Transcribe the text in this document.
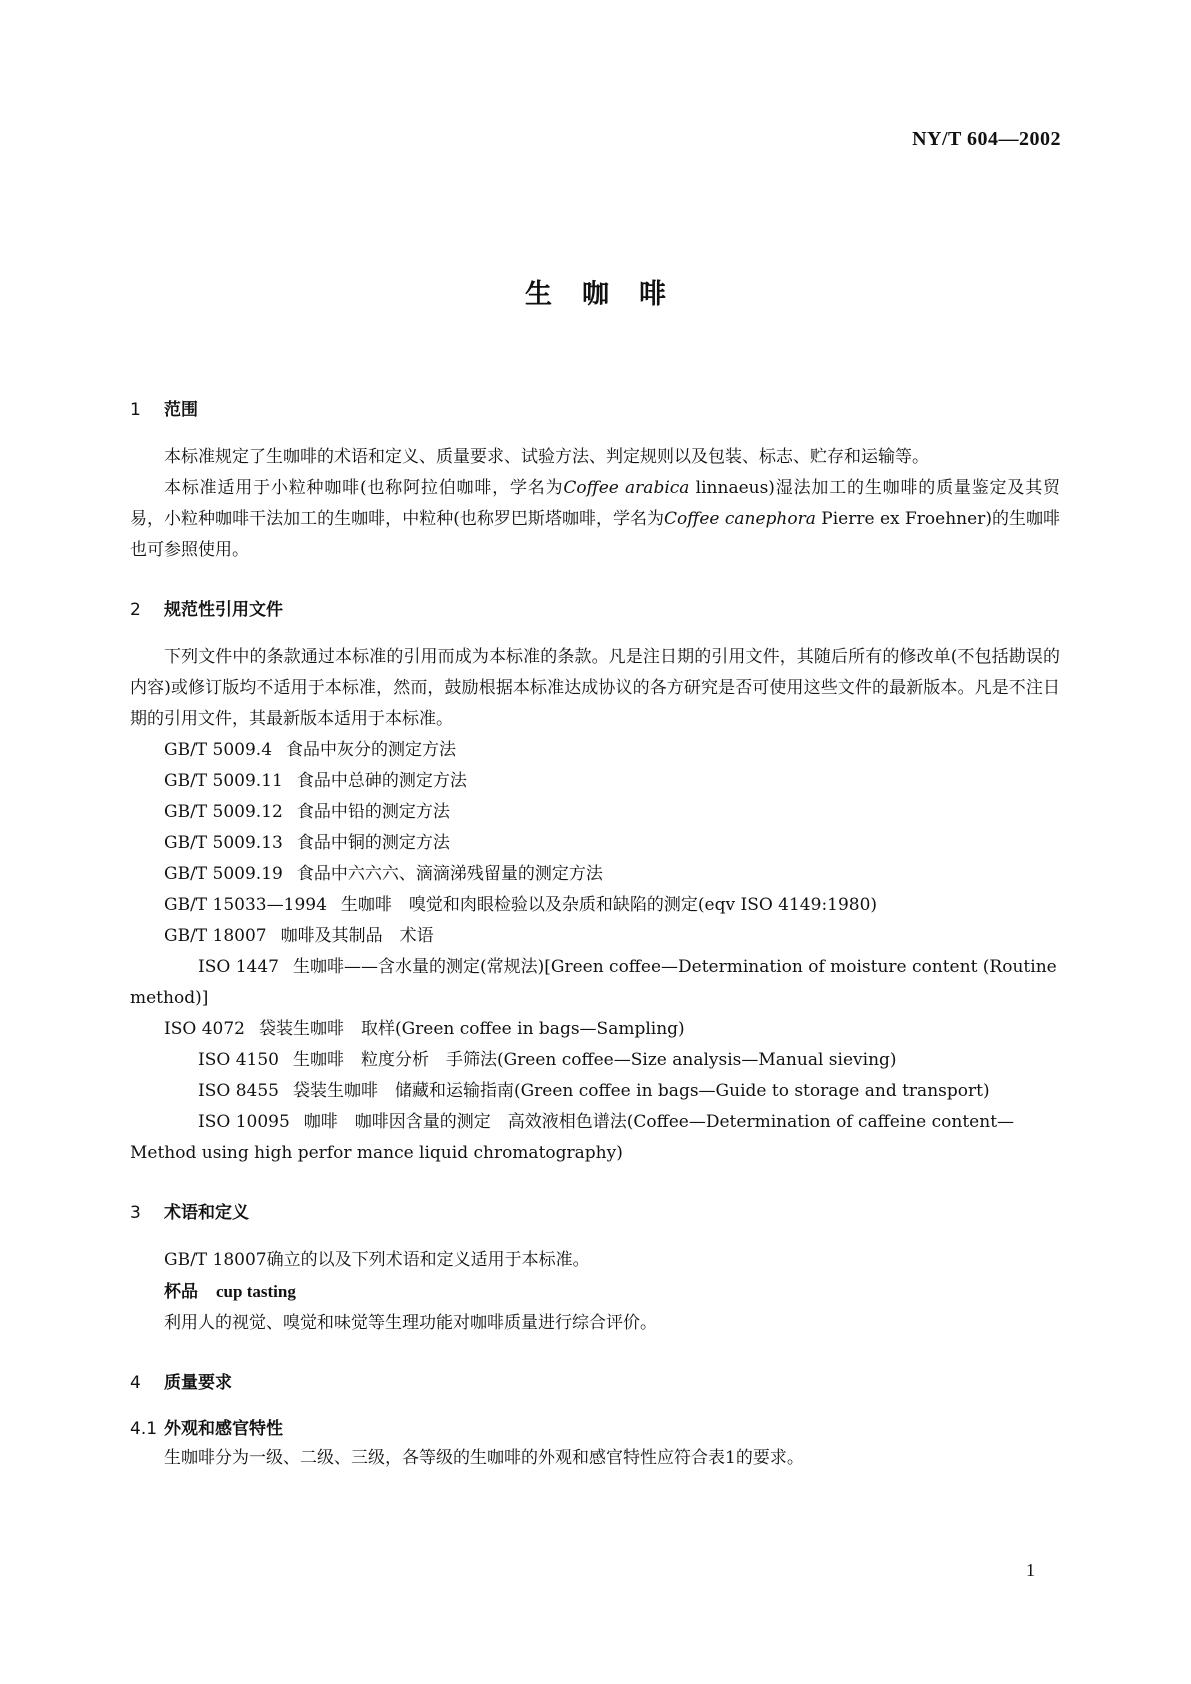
NY/T 604—2002
生咖啡
1 范围

本标准规定了生咖啡的术语和定义、质量要求、试验方法、判定规则以及包装、标志、贮存和运输等。

本标准适用于小粒种咖啡(也称阿拉伯咖啡，学名为Coffee arabica linnaeus)湿法加工的生咖啡的质量鉴定及其贸易，小粒种咖啡干法加工的生咖啡，中粒种(也称罗巴斯塔咖啡，学名为Coffee canephora Pierre ex Froehner)的生咖啡也可参照使用。

2 规范性引用文件

下列文件中的条款通过本标准的引用而成为本标准的条款。凡是注日期的引用文件，其随后所有的修改单(不包括勘误的内容)或修订版均不适用于本标准，然而，鼓励根据本标准达成协议的各方研究是否可使用这些文件的最新版本。凡是不注日期的引用文件，其最新版本适用于本标准。

GB/T 5009.4 食品中灰分的测定方法

GB/T 5009.11 食品中总砷的测定方法

GB/T 5009.12 食品中铅的测定方法

GB/T 5009.13 食品中铜的测定方法

GB/T 5009.19 食品中六六六、滴滴涕残留量的测定方法

GB/T 15033—1994 生咖啡　嗅觉和肉眼检验以及杂质和缺陷的测定(eqv ISO 4149:1980)

GB/T 18007 咖啡及其制品　术语

ISO 1447 生咖啡——含水量的测定(常规法)[Green coffee—Determination of moisture content (Routine method)]

ISO 4072 袋装生咖啡　取样(Green coffee in bags—Sampling)

ISO 4150 生咖啡　粒度分析　手筛法(Green coffee—Size analysis—Manual sieving)

ISO 8455 袋装生咖啡　储藏和运输指南(Green coffee in bags—Guide to storage and transport)

ISO 10095 咖啡　咖啡因含量的测定　高效液相色谱法(Coffee—Determination of caffeine content—Method using high perfor mance liquid chromatography)

3 术语和定义

GB/T 18007确立的以及下列术语和定义适用于本标准。

杯品 cup tasting

利用人的视觉、嗅觉和味觉等生理功能对咖啡质量进行综合评价。

4 质量要求
4.1 外观和感官特性

生咖啡分为一级、二级、三级，各等级的生咖啡的外观和感官特性应符合表1的要求。

1
